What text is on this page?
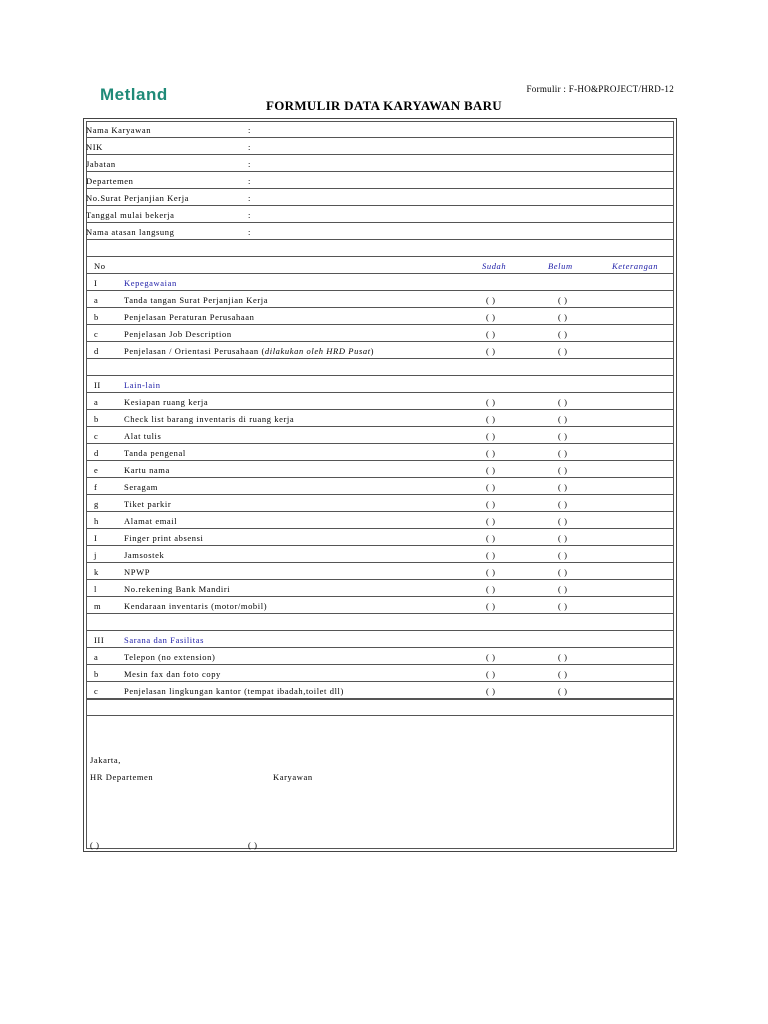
Metland	Formulir : F-HO&PROJECT/HRD-12
FORMULIR DATA KARYAWAN BARU
Nama Karyawan	:
NIK	:
Jabatan	:
Departemen	:
No.Surat Perjanjian Kerja	:
Tanggal mulai bekerja	:
Nama atasan langsung	:
No	Sudah	Belum	Keterangan
I	Kepegawaian
a	Tanda tangan Surat Perjanjian Kerja	( )	( )
b	Penjelasan Peraturan Perusahaan	( )	( )
c	Penjelasan Job Description	( )	( )
d	Penjelasan / Orientasi Perusahaan (dilakukan oleh HRD Pusat)	( )	( )
II	Lain-lain
a	Kesiapan ruang kerja	( )	( )
b	Check list barang inventaris di ruang kerja	( )	( )
c	Alat tulis	( )	( )
d	Tanda pengenal	( )	( )
e	Kartu nama	( )	( )
f	Seragam	( )	( )
g	Tiket parkir	( )	( )
h	Alamat email	( )	( )
I	Finger print absensi	( )	( )
j	Jamsostek	( )	( )
k	NPWP	( )	( )
l	No.rekening Bank Mandiri	( )	( )
m	Kendaraan inventaris (motor/mobil)	( )	( )
III Sarana dan Fasilitas
a	Telepon (no extension)	( )	( )
b	Mesin fax dan foto copy	( )	( )
c	Penjelasan lingkungan kantor (tempat ibadah,toilet dll)	( )	( )
Jakarta,
HR Departemen	Karyawan
( )	( )
